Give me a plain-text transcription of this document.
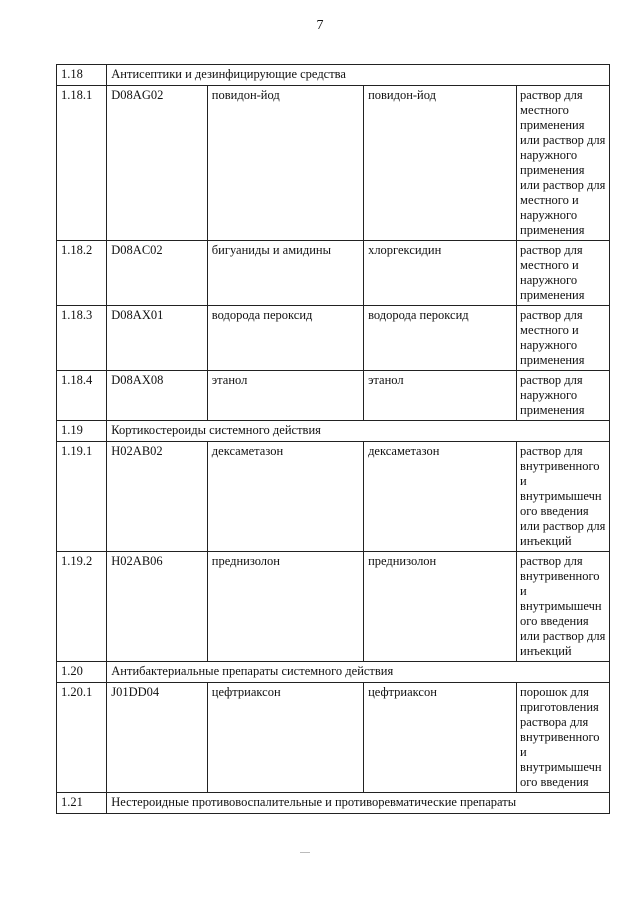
7
1.18	Антисептики и дезинфицирующие средства			
1.18.1	D08AG02	повидон-йод	повидон-йод	раствор для местного применения или раствор для наружного применения или раствор для местного и наружного применения
1.18.2	D08AC02	бигуаниды и амидины	хлоргексидин	раствор для местного и наружного применения
1.18.3	D08AX01	водорода пероксид	водорода пероксид	раствор для местного и наружного применения
1.18.4	D08AX08	этанол	этанол	раствор для наружного применения
1.19	Кортикостероиды системного действия			
1.19.1	H02AB02	дексаметазон	дексаметазон	раствор для внутривенного и внутримышечн ого введения или раствор для инъекций
1.19.2	H02AB06	преднизолон	преднизолон	раствор для внутривенного и внутримышечн ого введения или раствор для инъекций
1.20	Антибактериальные препараты системного действия			
1.20.1	J01DD04	цефтриаксон	цефтриаксон	порошок для приготовления раствора для внутривенного и внутримышечн ого введения
1.21	Нестероидные противовоспалительные и противоревматические препараты			
